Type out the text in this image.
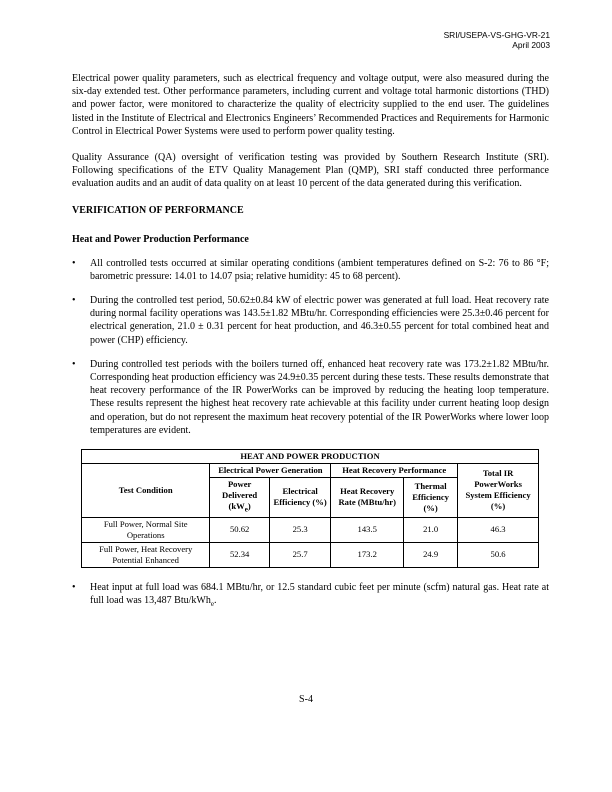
SRI/USEPA-VS-GHG-VR-21
April 2003

Electrical power quality parameters, such as electrical frequency and voltage output, were also measured during the six-day extended test. Other performance parameters, including current and voltage total harmonic distortions (THD) and power factor, were monitored to characterize the quality of electricity supplied to the end user. The guidelines listed in the Institute of Electrical and Electronics Engineers’ Recommended Practices and Requirements for Harmonic Control in Electrical Power Systems were used to perform power quality testing.

Quality Assurance (QA) oversight of verification testing was provided by Southern Research Institute (SRI). Following specifications of the ETV Quality Management Plan (QMP), SRI staff conducted three performance evaluation audits and an audit of data quality on at least 10 percent of the data generated during this verification.

VERIFICATION OF PERFORMANCE
Heat and Power Production Performance
• All controlled tests occurred at similar operating conditions (ambient temperatures defined on S-2: 76 to 86 °F; barometric pressure: 14.01 to 14.07 psia; relative humidity: 45 to 68 percent).
• During the controlled test period, 50.62±0.84 kW of electric power was generated at full load. Heat recovery rate during normal facility operations was 143.5±1.82 MBtu/hr. Corresponding efficiencies were 25.3±0.46 percent for electrical generation, 21.0 ± 0.31 percent for heat production, and 46.3±0.55 percent for total combined heat and power (CHP) efficiency.
• During controlled test periods with the boilers turned off, enhanced heat recovery rate was 173.2±1.82 MBtu/hr. Corresponding heat production efficiency was 24.9±0.35 percent during these tests. These results demonstrate that heat recovery performance of the IR PowerWorks can be improved by reducing the heating loop temperature. These results represent the highest heat recovery rate achievable at this facility under current heating loop design and operation, but do not represent the maximum heat recovery potential of the IR PowerWorks where lower loop temperatures are evident.
HEAT AND POWER PRODUCTION					
Test Condition	Electrical Power Generation		Heat Recovery Performance		Total IR PowerWorks System Efficiency (%)
	Power Delivered
$(kW_e)$	Electrical Efficiency (%)	Heat Recovery Rate (MBtu/hr)	Thermal Efficiency (%)	
Full Power, Normal Site Operations	50.62	25.3	143.5	21.0	46.3
Full Power, Heat Recovery Potential Enhanced	52.34	25.7	173.2	24.9	50.6
• Heat input at full load was 684.1 MBtu/hr, or 12.5 standard cubic feet per minute (scfm) natural gas. Heat rate at full load was 13,487 Btu/kWh$_e$.
S-4
